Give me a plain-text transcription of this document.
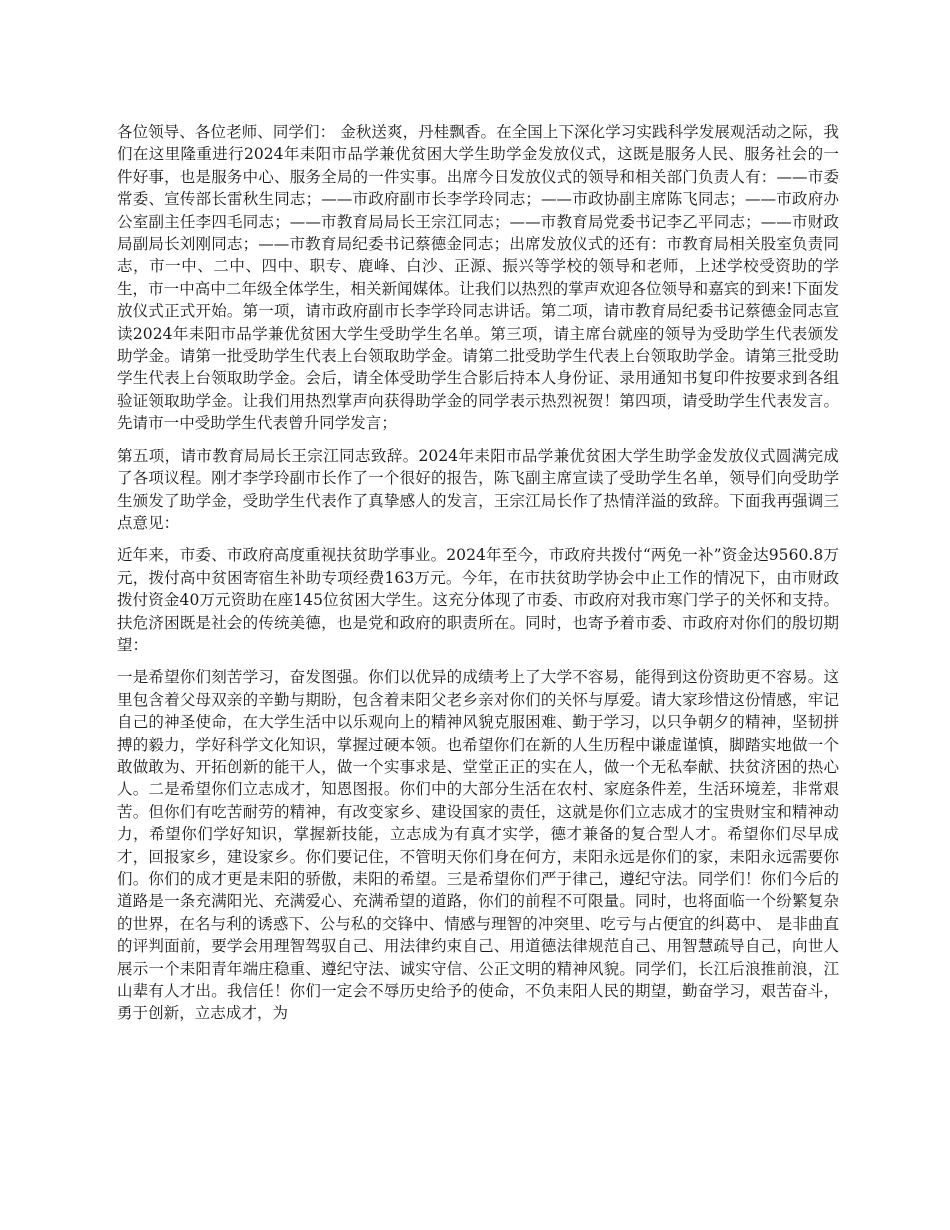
各位领导、各位老师、同学们： 金秋送爽，丹桂飘香。在全国上下深化学习实践科学发展观活动之际，我们在这里隆重进行2024年耒阳市品学兼优贫困大学生助学金发放仪式，这既是服务人民、服务社会的一件好事，也是服务中心、服务全局的一件实事。出席今日发放仪式的领导和相关部门负责人有：——市委常委、宣传部长雷秋生同志；——市政府副市长李学玲同志；——市政协副主席陈飞同志；——市政府办公室副主任李四毛同志；——市教育局局长王宗江同志；——市教育局党委书记李乙平同志；——市财政局副局长刘刚同志；——市教育局纪委书记蔡德金同志；出席发放仪式的还有：市教育局相关股室负责同志，市一中、二中、四中、职专、鹿峰、白沙、正源、振兴等学校的领导和老师，上述学校受资助的学生，市一中高中二年级全体学生，相关新闻媒体。让我们以热烈的掌声欢迎各位领导和嘉宾的到来!下面发放仪式正式开始。第一项，请市政府副市长李学玲同志讲话。第二项，请市教育局纪委书记蔡德金同志宣读2024年耒阳市品学兼优贫困大学生受助学生名单。第三项，请主席台就座的领导为受助学生代表颁发助学金。请第一批受助学生代表上台领取助学金。请第二批受助学生代表上台领取助学金。请第三批受助学生代表上台领取助学金。会后，请全体受助学生合影后持本人身份证、录用通知书复印件按要求到各组验证领取助学金。让我们用热烈掌声向获得助学金的同学表示热烈祝贺！第四项，请受助学生代表发言。先请市一中受助学生代表曾升同学发言；

第五项，请市教育局局长王宗江同志致辞。2024年耒阳市品学兼优贫困大学生助学金发放仪式圆满完成了各项议程。刚才李学玲副市长作了一个很好的报告，陈飞副主席宣读了受助学生名单，领导们向受助学生颁发了助学金，受助学生代表作了真挚感人的发言，王宗江局长作了热情洋溢的致辞。下面我再强调三点意见：

近年来，市委、市政府高度重视扶贫助学事业。2024年至今，市政府共拨付“两免一补”资金达9560.8万元，拨付高中贫困寄宿生补助专项经费163万元。今年，在市扶贫助学协会中止工作的情况下，由市财政拨付资金40万元资助在座145位贫困大学生。这充分体现了市委、市政府对我市寒门学子的关怀和支持。扶危济困既是社会的传统美德，也是党和政府的职责所在。同时，也寄予着市委、市政府对你们的殷切期望：

一是希望你们刻苦学习，奋发图强。你们以优异的成绩考上了大学不容易，能得到这份资助更不容易。这里包含着父母双亲的辛勤与期盼，包含着耒阳父老乡亲对你们的关怀与厚爱。请大家珍惜这份情感，牢记自己的神圣使命，在大学生活中以乐观向上的精神风貌克服困难、勤于学习，以只争朝夕的精神，坚韧拼搏的毅力，学好科学文化知识，掌握过硬本领。也希望你们在新的人生历程中谦虚谨慎，脚踏实地做一个敢做敢为、开拓创新的能干人，做一个实事求是、堂堂正正的实在人，做一个无私奉献、扶贫济困的热心人。二是希望你们立志成才，知恩图报。你们中的大部分生活在农村、家庭条件差，生活环境差，非常艰苦。但你们有吃苦耐劳的精神，有改变家乡、建设国家的责任，这就是你们立志成才的宝贵财宝和精神动力，希望你们学好知识，掌握新技能，立志成为有真才实学，德才兼备的复合型人才。希望你们尽早成才，回报家乡，建设家乡。你们要记住，不管明天你们身在何方，耒阳永远是你们的家，耒阳永远需要你们。你们的成才更是耒阳的骄傲，耒阳的希望。三是希望你们严于律己，遵纪守法。同学们！你们今后的道路是一条充满阳光、充满爱心、充满希望的道路，你们的前程不可限量。同时，也将面临一个纷繁复杂的世界，在名与利的诱惑下、公与私的交锋中、情感与理智的冲突里、吃亏与占便宜的纠葛中、 是非曲直的评判面前，要学会用理智驾驭自己、用法律约束自己、用道德法律规范自己、用智慧疏导自己，向世人展示一个耒阳青年端庄稳重、遵纪守法、诚实守信、公正文明的精神风貌。同学们，长江后浪推前浪，江山辈有人才出。我信任！你们一定会不辱历史给予的使命，不负耒阳人民的期望，勤奋学习，艰苦奋斗，勇于创新，立志成才，为
